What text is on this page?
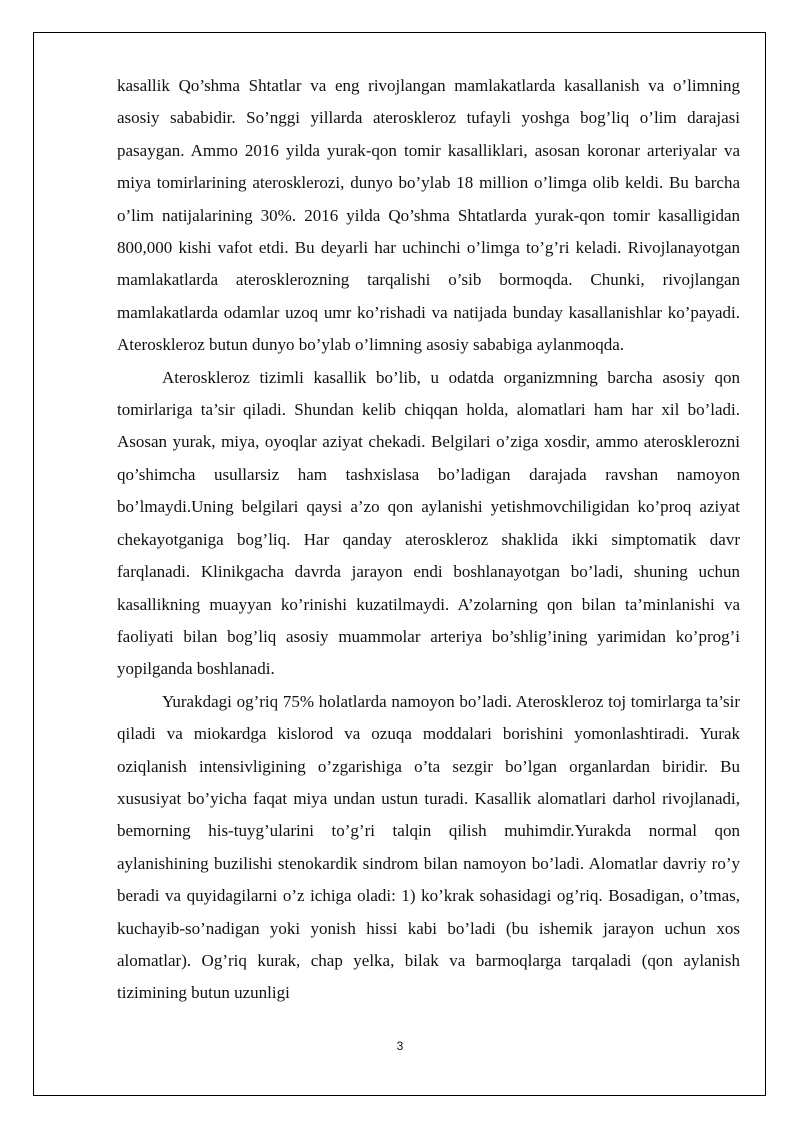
kasallik Qo’shma Shtatlar va eng rivojlangan mamlakatlarda kasallanish va o’limning asosiy sababidir. So’nggi yillarda ateroskleroz tufayli yoshga bog’liq o’lim darajasi pasaygan. Ammo 2016 yilda yurak-qon tomir kasalliklari, asosan koronar arteriyalar va miya tomirlarining aterosklerozi, dunyo bo’ylab 18 million o’limga olib keldi. Bu barcha o’lim natijalarining 30%. 2016 yilda Qo’shma Shtatlarda yurak-qon tomir kasalligidan 800,000 kishi vafot etdi. Bu deyarli har uchinchi o’limga to’g’ri keladi. Rivojlanayotgan mamlakatlarda aterosklerozning tarqalishi o’sib bormoqda. Chunki, rivojlangan mamlakatlarda odamlar uzoq umr ko’rishadi va natijada bunday kasallanishlar ko’payadi. Ateroskleroz butun dunyo bo’ylab o’limning asosiy sababiga aylanmoqda.

Ateroskleroz tizimli kasallik bo’lib, u odatda organizmning barcha asosiy qon tomirlariga ta’sir qiladi. Shundan kelib chiqqan holda, alomatlari ham har xil bo’ladi. Asosan yurak, miya, oyoqlar aziyat chekadi. Belgilari o’ziga xosdir, ammo aterosklerozni qo’shimcha usullarsiz ham tashxislasa bo’ladigan darajada ravshan namoyon bo’lmaydi.Uning belgilari qaysi a’zo qon aylanishi yetishmovchiligidan ko’proq aziyat chekayotganiga bog’liq. Har qanday ateroskleroz shaklida ikki simptomatik davr farqlanadi. Klinikgacha davrda jarayon endi boshlanayotgan bo’ladi, shuning uchun kasallikning muayyan ko’rinishi kuzatilmaydi. A’zolarning qon bilan ta’minlanishi va faoliyati bilan bog’liq asosiy muammolar arteriya bo’shlig’ining yarimidan ko’prog’i yopilganda boshlanadi.

Yurakdagi og’riq 75% holatlarda namoyon bo’ladi. Ateroskleroz toj tomirlarga ta’sir qiladi va miokardga kislorod va ozuqa moddalari borishini yomonlashtiradi. Yurak oziqlanish intensivligining o’zgarishiga o’ta sezgir bo’lgan organlardan biridir. Bu xususiyat bo’yicha faqat miya undan ustun turadi. Kasallik alomatlari darhol rivojlanadi, bemorning his-tuyg’ularini to’g’ri talqin qilish muhimdir.Yurakda normal qon aylanishining buzilishi stenokardik sindrom bilan namoyon bo’ladi. Alomatlar davriy ro’y beradi va quyidagilarni o’z ichiga oladi: 1) ko’krak sohasidagi og’riq. Bosadigan, o’tmas, kuchayib-so’nadigan yoki yonish hissi kabi bo’ladi (bu ishemik jarayon uchun xos alomatlar). Og’riq kurak, chap yelka, bilak va barmoqlarga tarqaladi (qon aylanish tizimining butun uzunligi

3
